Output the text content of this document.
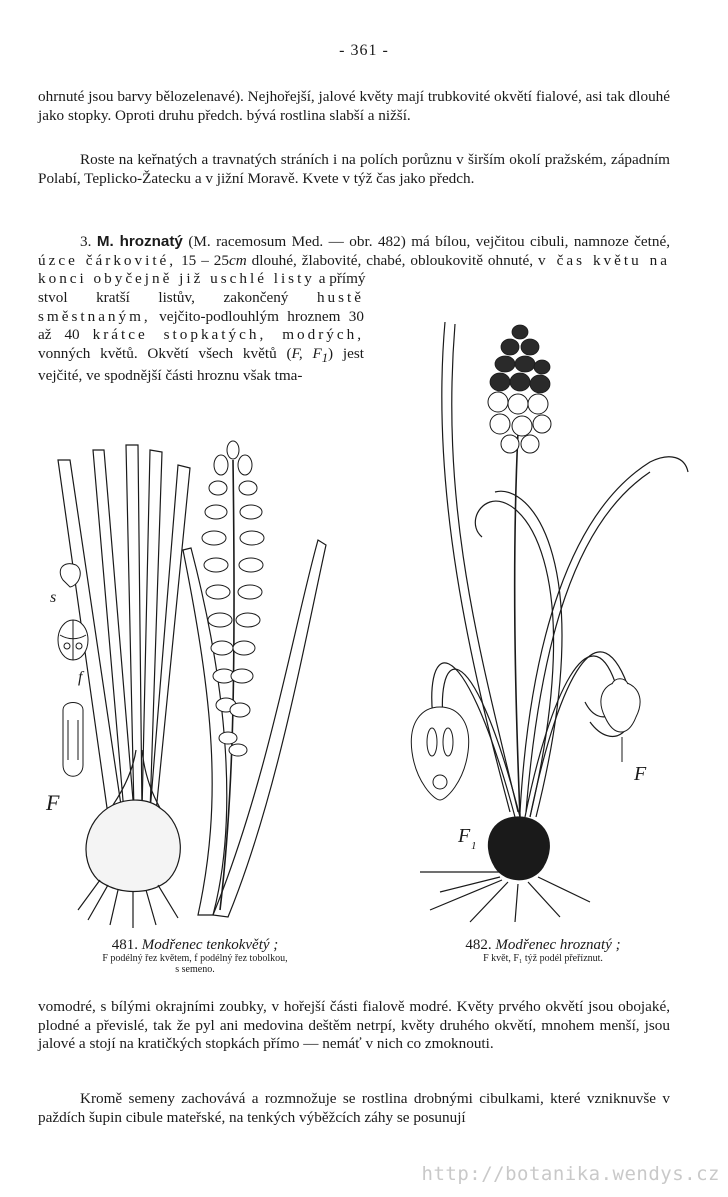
- 361 -

ohrnuté jsou barvy bělozelenavé). Nejhořejší, jalové květy mají trubkovité okvětí fialové, asi tak dlouhé jako stopky. Oproti druhu předch. bývá rostlina slabší a nižší.

Roste na keřnatých a travnatých stráních i na polích porůznu v širším okolí pražském, západním Polabí, Teplicko-Žatecku a v jižní Moravě. Kvete v týž čas jako předch.

3. M. hroznatý (M. racemosum Med. — obr. 482) má bílou, vejčitou cibuli, namnoze četné, úzce čárkovité, 15 – 25cm dlouhé, žlabovité, chabé, obloukovitě ohnuté, v čas květu na konci obyčejně již uschlé listy a přímý

stvol kratší listův, zakončený hustě směstnaným, vejčito-podlouhlým hroznem 30 až 40 krátce stopkatých, modrých, vonných květů. Okvětí všech květů (F, $F_1$) jest vejčité, ve spodnější části hroznu však tma-

s
f
F
F 1
F
481. Modřenec tenkokvětý ;
F podélný řez květem, f podélný řez tobolkou,
s semeno.
482. Modřenec hroznatý ;
F květ, F₁ týž podél přeříznut.

vomodré, s bílými okrajními zoubky, v hořejší části fialově modré. Květy prvého okvětí jsou obojaké, plodné a převislé, tak že pyl ani medovina deštěm netrpí, květy druhého okvětí, mnohem menší, jsou jalové a stojí na kratičkých stopkách přímo — nemáť v nich co zmoknouti.

Kromě semeny zachovává a rozmnožuje se rostlina drobnými cibulkami, které vzniknuvše v paždích šupin cibule mateřské, na tenkých výběžcích záhy se posunují

http://botanika.wendys.cz
